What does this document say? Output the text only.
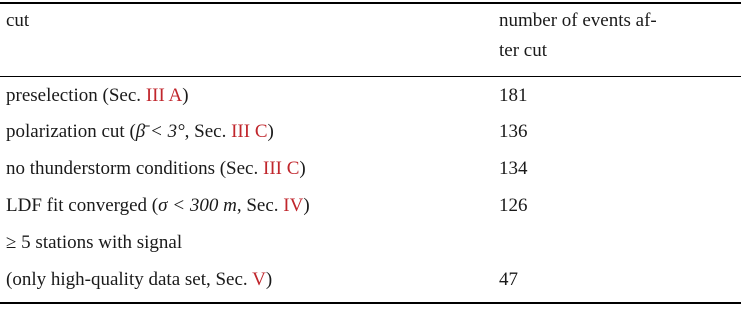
cut	number of events af-
ter cut
preselection (Sec. III A)	181
polarization cut (β̄ < 3°, Sec. III C)	136
no thunderstorm conditions (Sec. III C)	134
LDF fit converged (σ < 300 m, Sec. IV)	126
≥ 5 stations with signal
(only high-quality data set, Sec. V)	47
